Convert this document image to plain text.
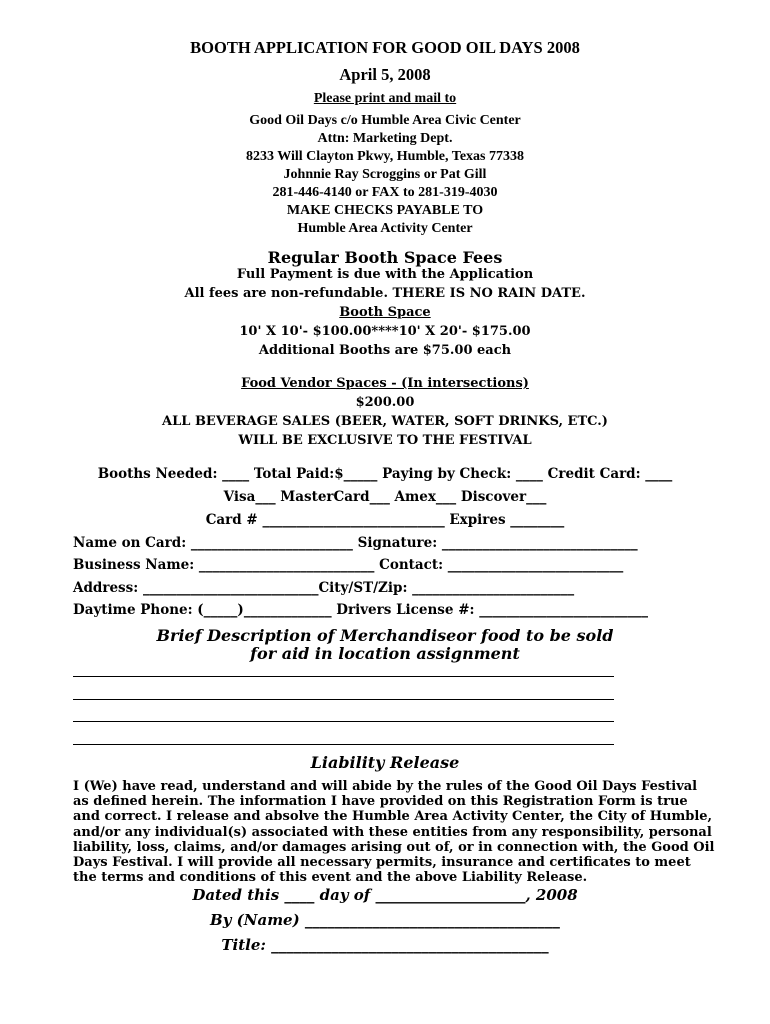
BOOTH APPLICATION FOR GOOD OIL DAYS 2008
April 5, 2008
Please print and mail to
Good Oil Days c/o Humble Area Civic Center
Attn: Marketing Dept.
8233 Will Clayton Pkwy, Humble, Texas 77338
Johnnie Ray Scroggins or Pat Gill
281-446-4140 or FAX to 281-319-4030
MAKE CHECKS PAYABLE TO
Humble Area Activity Center
Regular Booth Space Fees
Full Payment is due with the Application
All fees are non-refundable. THERE IS NO RAIN DATE.
Booth Space
10' X 10'- $100.00****10' X 20'- $175.00
Additional Booths are $75.00 each
Food Vendor Spaces - (In intersections)
$200.00
ALL BEVERAGE SALES (BEER, WATER, SOFT DRINKS, ETC.)
WILL BE EXCLUSIVE TO THE FESTIVAL
Booths Needed: ____ Total Paid:$_____ Paying by Check: ____ Credit Card: ____
Visa___ MasterCard___ Amex___ Discover___
Card # ___________________________ Expires ________
Name on Card: ________________________ Signature: _____________________________
Business Name: __________________________ Contact: __________________________
Address: __________________________City/ST/Zip: ________________________
Daytime Phone: (_____)_____________ Drivers License #: _________________________
Brief Description of Merchandiseor food to be sold
for aid in location assignment
Liability Release
I (We) have read, understand and will abide by the rules of the Good Oil Days Festival
as defined herein. The information I have provided on this Registration Form is true
and correct. I release and absolve the Humble Area Activity Center, the City of Humble,
and/or any individual(s) associated with these entities from any responsibility, personal
liability, loss, claims, and/or damages arising out of, or in connection with, the Good Oil
Days Festival. I will provide all necessary permits, insurance and certificates to meet
the terms and conditions of this event and the above Liability Release.
Dated this ____ day of ____________________, 2008
By (Name) __________________________________
Title: _____________________________________
